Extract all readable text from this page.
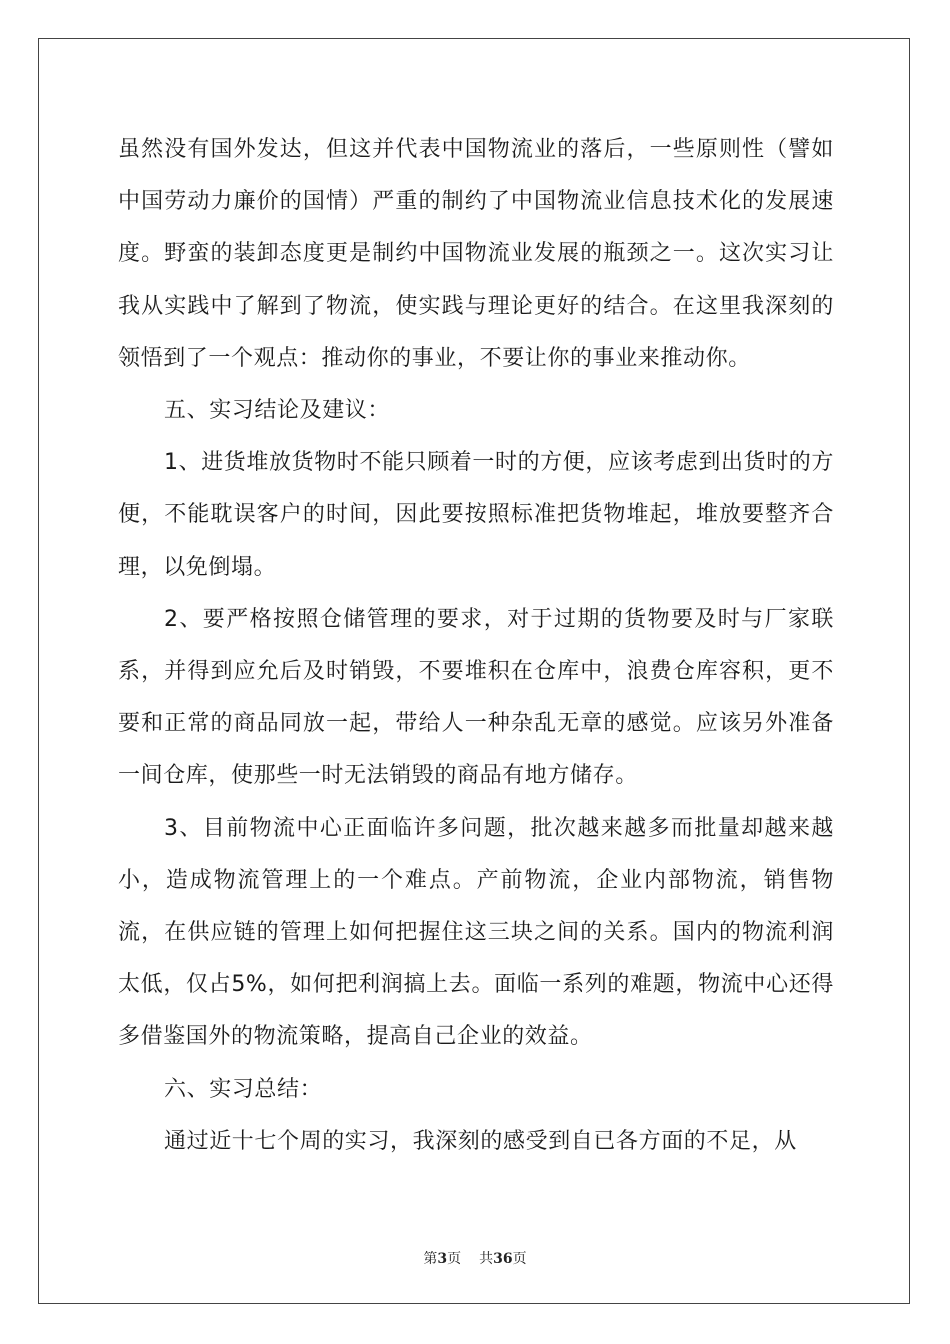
虽然没有国外发达，但这并代表中国物流业的落后，一些原则性（譬如中国劳动力廉价的国情）严重的制约了中国物流业信息技术化的发展速度。野蛮的装卸态度更是制约中国物流业发展的瓶颈之一。这次实习让我从实践中了解到了物流，使实践与理论更好的结合。在这里我深刻的领悟到了一个观点：推动你的事业，不要让你的事业来推动你。

五、实习结论及建议：

1、进货堆放货物时不能只顾着一时的方便，应该考虑到出货时的方便，不能耽误客户的时间，因此要按照标准把货物堆起，堆放要整齐合理，以免倒塌。

2、要严格按照仓储管理的要求，对于过期的货物要及时与厂家联系，并得到应允后及时销毁，不要堆积在仓库中，浪费仓库容积，更不要和正常的商品同放一起，带给人一种杂乱无章的感觉。应该另外准备一间仓库，使那些一时无法销毁的商品有地方储存。

3、目前物流中心正面临许多问题，批次越来越多而批量却越来越小，造成物流管理上的一个难点。产前物流，企业内部物流，销售物流，在供应链的管理上如何把握住这三块之间的关系。国内的物流利润太低，仅占5%，如何把利润搞上去。面临一系列的难题，物流中心还得多借鉴国外的物流策略，提高自己企业的效益。

六、实习总结：

通过近十七个周的实习，我深刻的感受到自已各方面的不足，从

第3页 共36页
